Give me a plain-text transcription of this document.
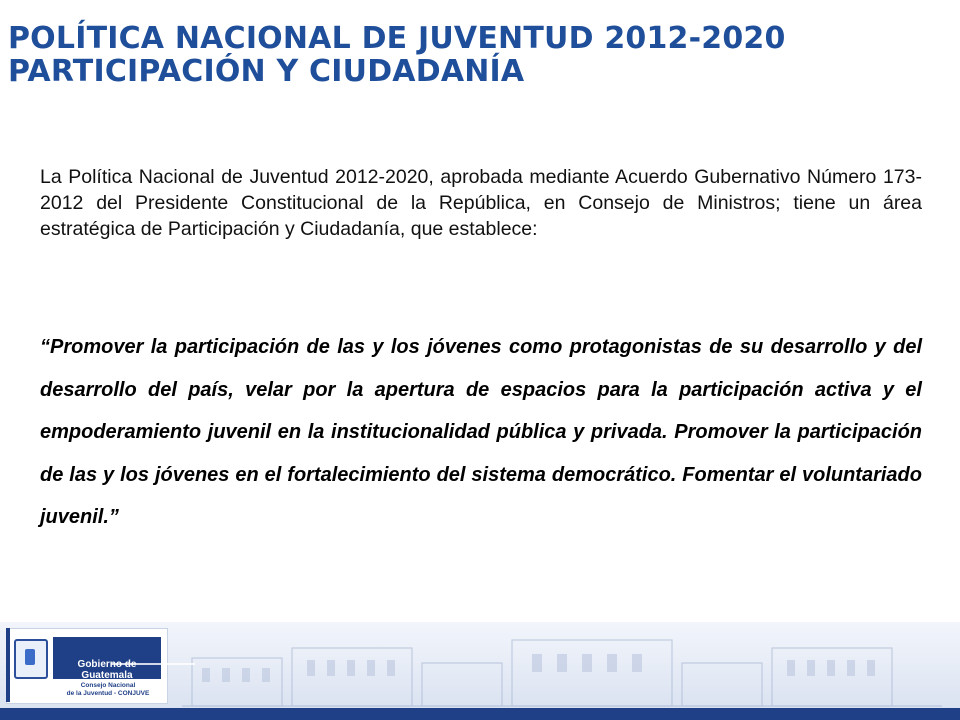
POLÍTICA NACIONAL DE JUVENTUD 2012-2020
PARTICIPACIÓN Y CIUDADANÍA
La Política Nacional de Juventud 2012-2020, aprobada mediante Acuerdo Gubernativo Número 173-2012 del Presidente Constitucional de la República, en Consejo de Ministros; tiene un área estratégica de Participación y Ciudadanía, que establece:
“Promover la participación de las y los jóvenes como protagonistas de su desarrollo y del desarrollo del país, velar por la apertura de espacios para la participación activa y el empoderamiento juvenil en la institucionalidad pública y privada. Promover la participación de las y los jóvenes en el fortalecimiento del sistema democrático. Fomentar el voluntariado juvenil.”
Gobierno de Guatemala
Consejo Nacional
de la Juventud - CONJUVE
